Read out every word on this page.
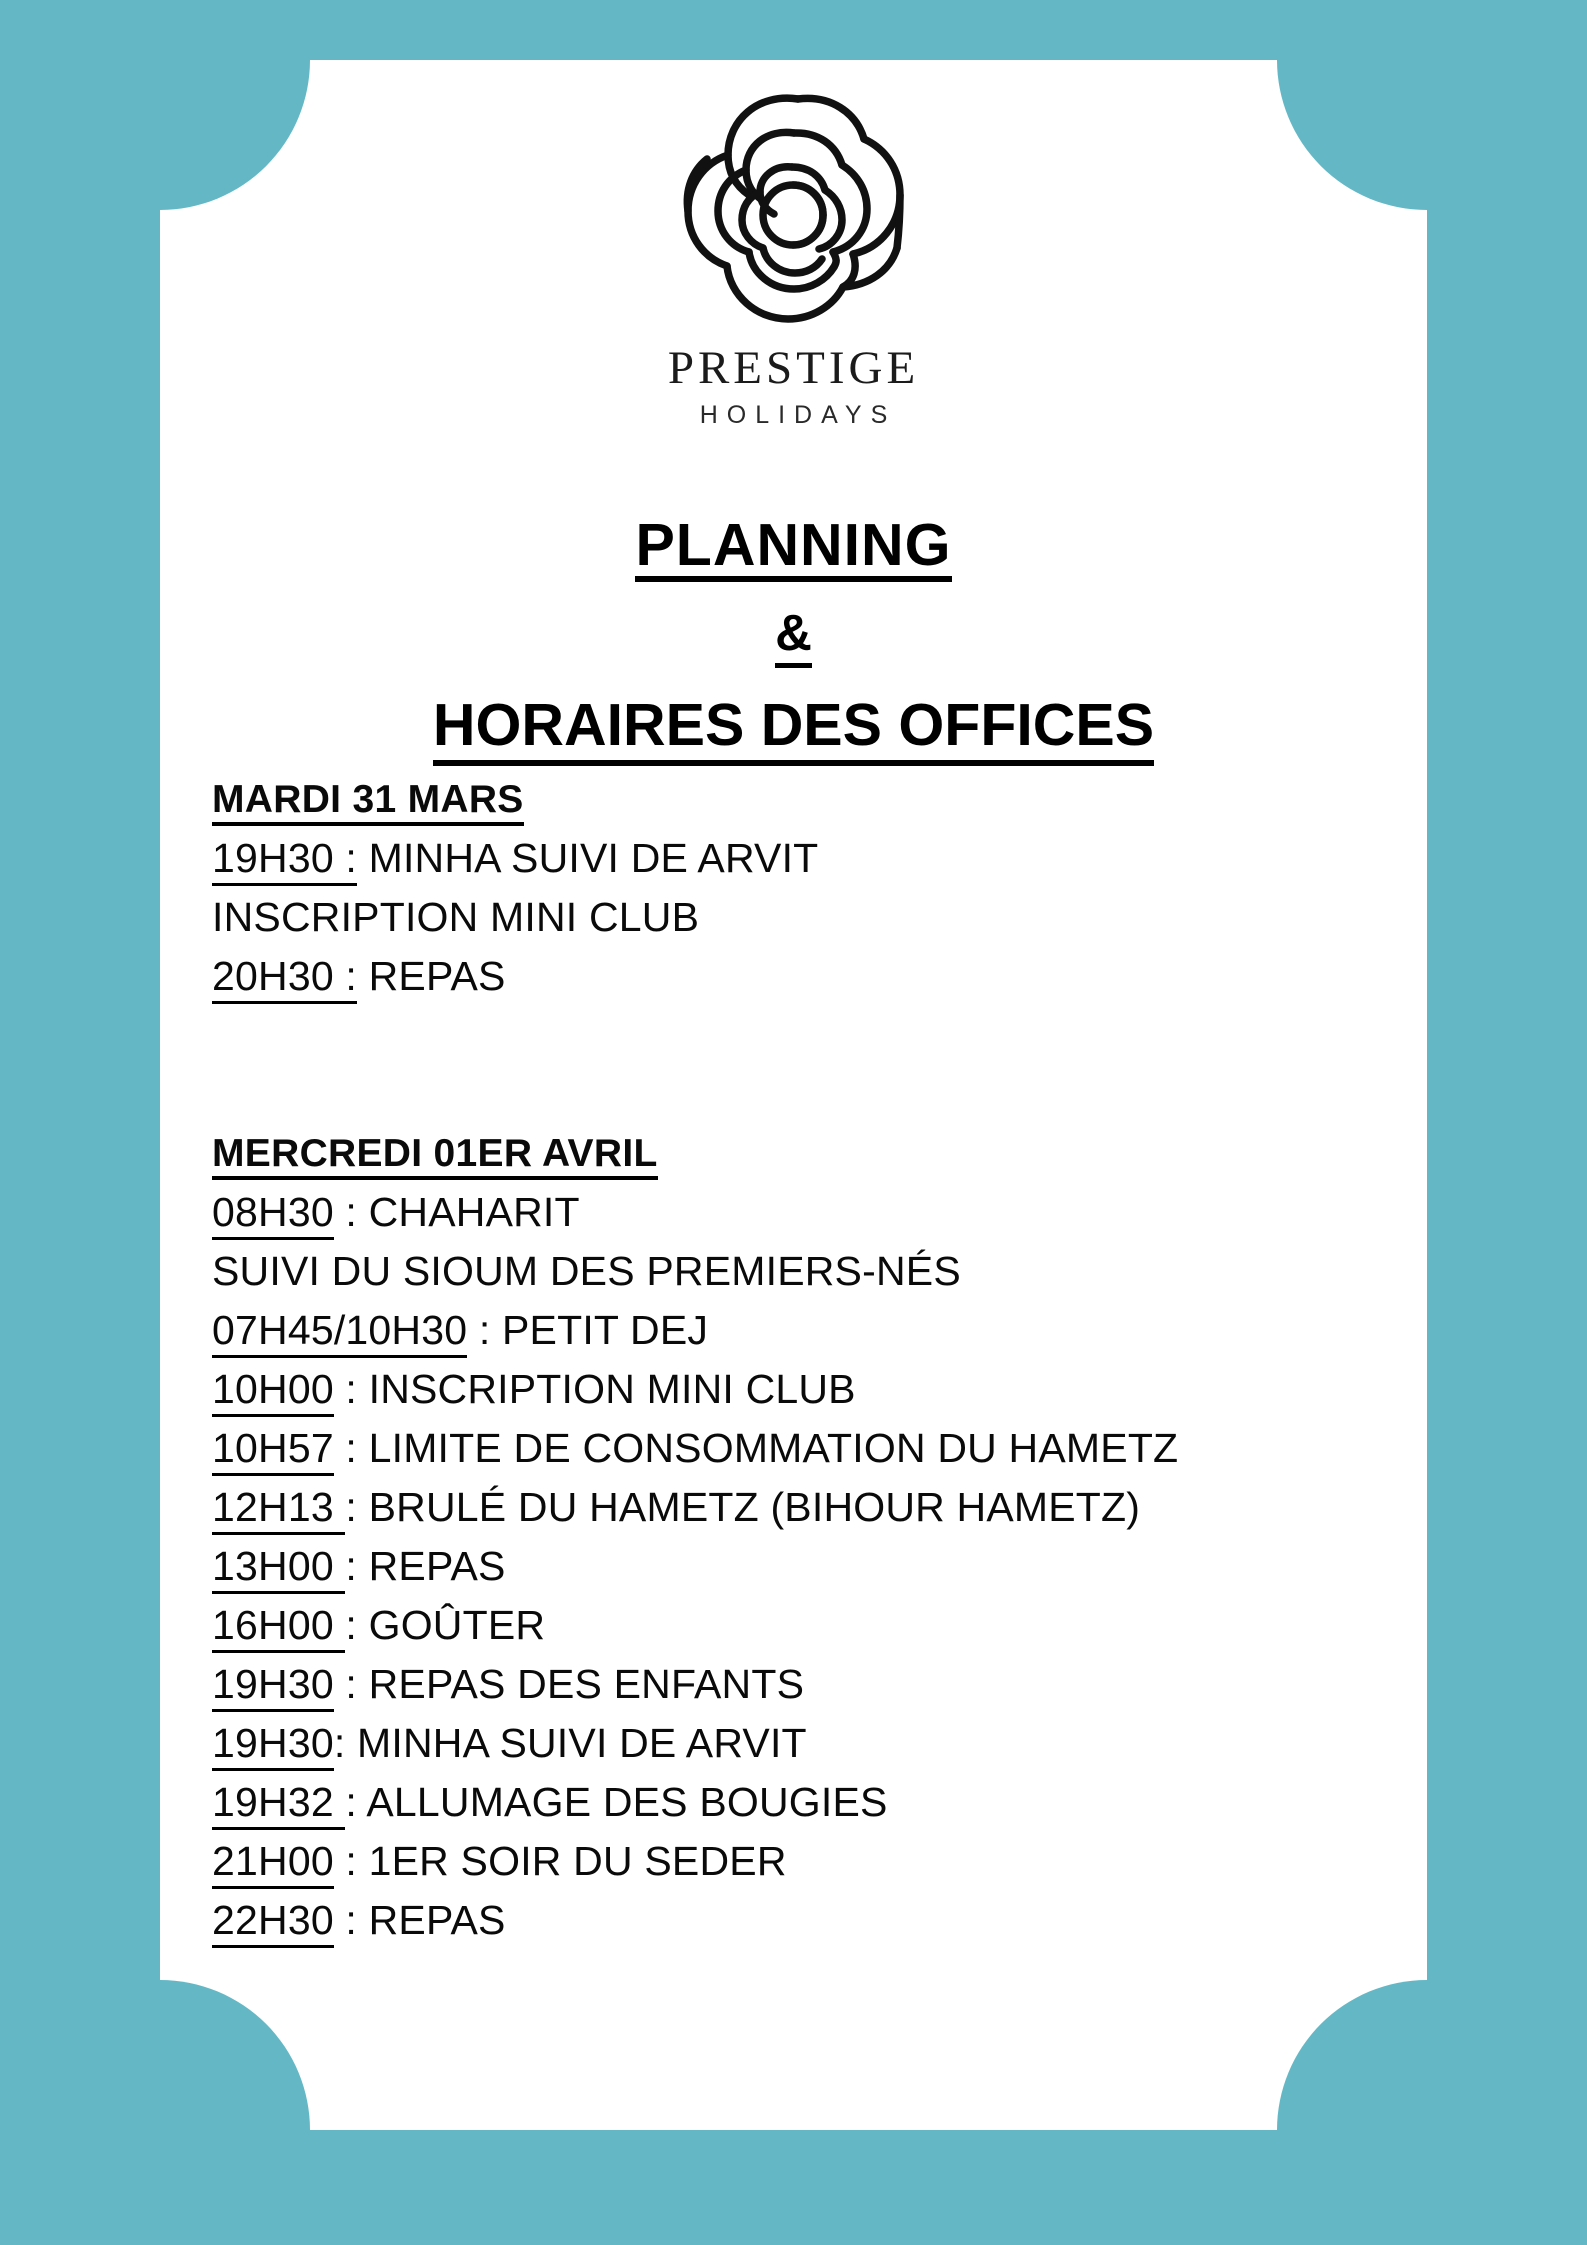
PRESTIGE
HOLIDAYS
PLANNING
&
HORAIRES DES OFFICES
MARDI 31 MARS
19H30 : MINHA SUIVI DE ARVIT
INSCRIPTION MINI CLUB
20H30 : REPAS
MERCREDI 01ER AVRIL
08H30 : CHAHARIT
SUIVI DU SIOUM DES PREMIERS-NÉS
07H45/10H30 : PETIT DEJ
10H00 : INSCRIPTION MINI CLUB
10H57 : LIMITE DE CONSOMMATION DU HAMETZ
12H13 : BRULÉ DU HAMETZ (BIHOUR HAMETZ)
13H00 : REPAS
16H00 : GOÛTER
19H30 : REPAS DES ENFANTS
19H30: MINHA SUIVI DE ARVIT
19H32 : ALLUMAGE DES BOUGIES
21H00 : 1ER SOIR DU SEDER
22H30 : REPAS
